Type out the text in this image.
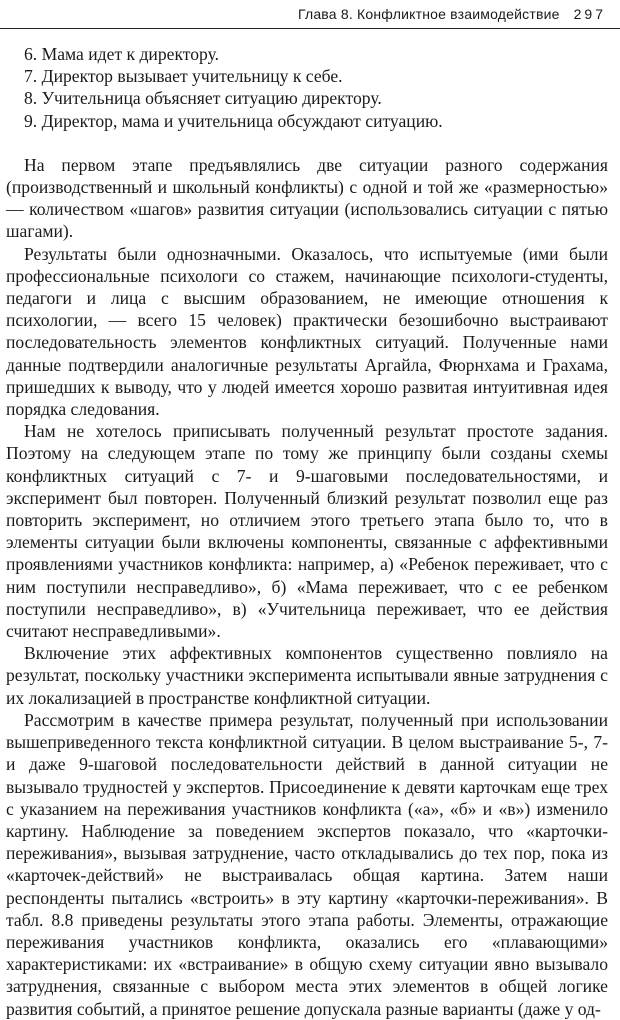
Глава 8. Конфликтное взаимодействие 297

6. Мама идет к директору.

7. Директор вызывает учительницу к себе.

8. Учительница объясняет ситуацию директору.

9. Директор, мама и учительница обсуждают ситуацию.

На первом этапе предъявлялись две ситуации разного содержания (производственный и школьный конфликты) с одной и той же «размерностью» — количеством «шагов» развития ситуации (использовались ситуации с пятью шагами).

Результаты были однозначными. Оказалось, что испытуемые (ими были профессиональные психологи со стажем, начинающие психологи-студенты, педагоги и лица с высшим образованием, не имеющие отношения к психологии, — всего 15 человек) практически безошибочно выстраивают последовательность элементов конфликтных ситуаций. Полученные нами данные подтвердили аналогичные результаты Аргайла, Фюрнхама и Грахама, пришедших к выводу, что у людей имеется хорошо развитая интуитивная идея порядка следования.

Нам не хотелось приписывать полученный результат простоте задания. Поэтому на следующем этапе по тому же принципу были созданы схемы конфликтных ситуаций с 7- и 9-шаговыми последовательностями, и эксперимент был повторен. Полученный близкий результат позволил еще раз повторить эксперимент, но отличием этого третьего этапа было то, что в элементы ситуации были включены компоненты, связанные с аффективными проявлениями участников конфликта: например, а) «Ребенок переживает, что с ним поступили несправедливо», б) «Мама переживает, что с ее ребенком поступили несправедливо», в) «Учительница переживает, что ее действия считают несправедливыми».

Включение этих аффективных компонентов существенно повлияло на результат, поскольку участники эксперимента испытывали явные затруднения с их локализацией в пространстве конфликтной ситуации.

Рассмотрим в качестве примера результат, полученный при использовании вышеприведенного текста конфликтной ситуации. В целом выстраивание 5-, 7- и даже 9-шаговой последовательности действий в данной ситуации не вызывало трудностей у экспертов. Присоединение к девяти карточкам еще трех с указанием на переживания участников конфликта («а», «б» и «в») изменило картину. Наблюдение за поведением экспертов показало, что «карточки-переживания», вызывая затруднение, часто откладывались до тех пор, пока из «карточек-действий» не выстраивалась общая картина. Затем наши респонденты пытались «встроить» в эту картину «карточки-переживания». В табл. 8.8 приведены результаты этого этапа работы. Элементы, отражающие переживания участников конфликта, оказались его «плавающими» характеристиками: их «встраивание» в общую схему ситуации явно вызывало затруднения, связанные с выбором места этих элементов в общей логике развития событий, а принятое решение допускала разные варианты (даже у од-
